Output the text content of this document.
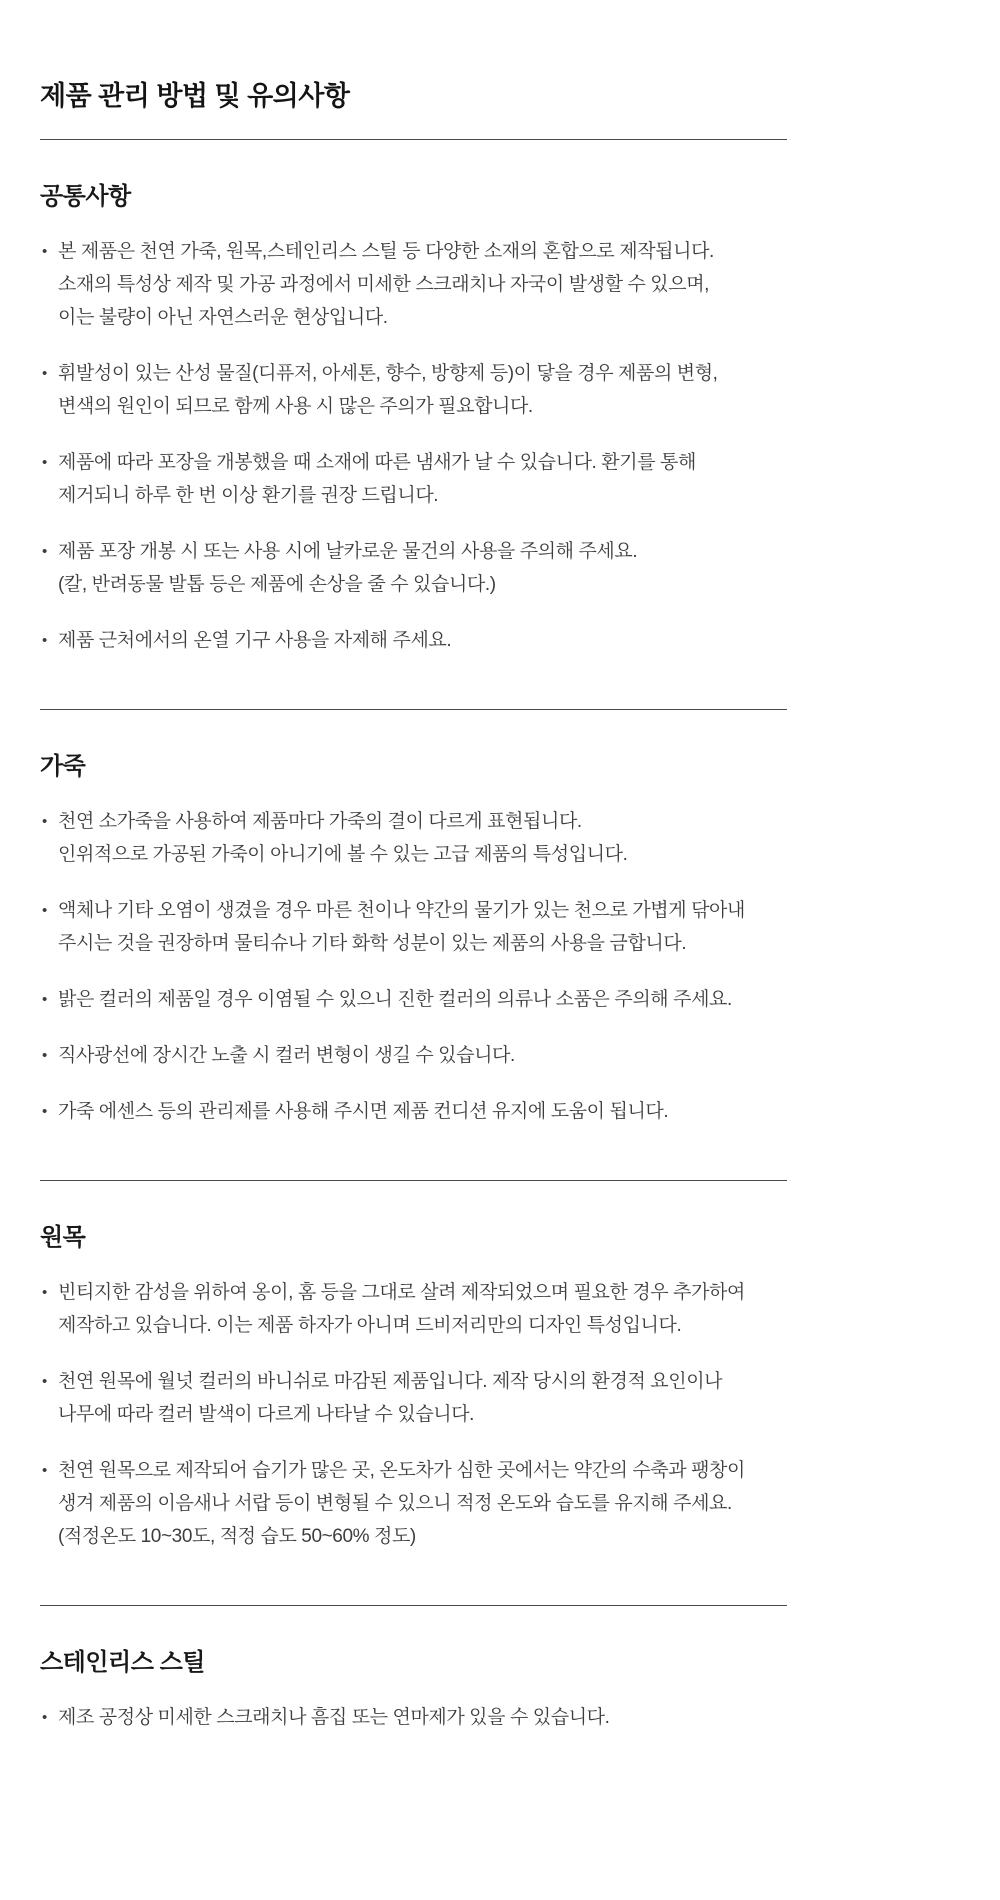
제품 관리 방법 및 유의사항
공통사항
• 본 제품은 천연 가죽, 원목,스테인리스 스틸 등 다양한 소재의 혼합으로 제작됩니다.
소재의 특성상 제작 및 가공 과정에서 미세한 스크래치나 자국이 발생할 수 있으며,
이는 불량이 아닌 자연스러운 현상입니다.

• 휘발성이 있는 산성 물질(디퓨저, 아세톤, 향수, 방향제 등)이 닿을 경우 제품의 변형,
변색의 원인이 되므로 함께 사용 시 많은 주의가 필요합니다.

• 제품에 따라 포장을 개봉했을 때 소재에 따른 냄새가 날 수 있습니다. 환기를 통해
제거되니 하루 한 번 이상 환기를 권장 드립니다.

• 제품 포장 개봉 시 또는 사용 시에 날카로운 물건의 사용을 주의해 주세요.
(칼, 반려동물 발톱 등은 제품에 손상을 줄 수 있습니다.)

• 제품 근처에서의 온열 기구 사용을 자제해 주세요.

가죽
• 천연 소가죽을 사용하여 제품마다 가죽의 결이 다르게 표현됩니다.
인위적으로 가공된 가죽이 아니기에 볼 수 있는 고급 제품의 특성입니다.

• 액체나 기타 오염이 생겼을 경우 마른 천이나 약간의 물기가 있는 천으로 가볍게 닦아내
주시는 것을 권장하며 물티슈나 기타 화학 성분이 있는 제품의 사용을 금합니다.

• 밝은 컬러의 제품일 경우 이염될 수 있으니 진한 컬러의 의류나 소품은 주의해 주세요.

• 직사광선에 장시간 노출 시 컬러 변형이 생길 수 있습니다.

• 가죽 에센스 등의 관리제를 사용해 주시면 제품 컨디션 유지에 도움이 됩니다.

원목
• 빈티지한 감성을 위하여 옹이, 홈 등을 그대로 살려 제작되었으며 필요한 경우 추가하여
제작하고 있습니다. 이는 제품 하자가 아니며 드비저리만의 디자인 특성입니다.

• 천연 원목에 월넛 컬러의 바니쉬로 마감된 제품입니다. 제작 당시의 환경적 요인이나
나무에 따라 컬러 발색이 다르게 나타날 수 있습니다.

• 천연 원목으로 제작되어 습기가 많은 곳, 온도차가 심한 곳에서는 약간의 수축과 팽창이
생겨 제품의 이음새나 서랍 등이 변형될 수 있으니 적정 온도와 습도를 유지해 주세요.
(적정온도 10~30도, 적정 습도 50~60% 정도)

스테인리스 스틸
• 제조 공정상 미세한 스크래치나 흠집 또는 연마제가 있을 수 있습니다.
